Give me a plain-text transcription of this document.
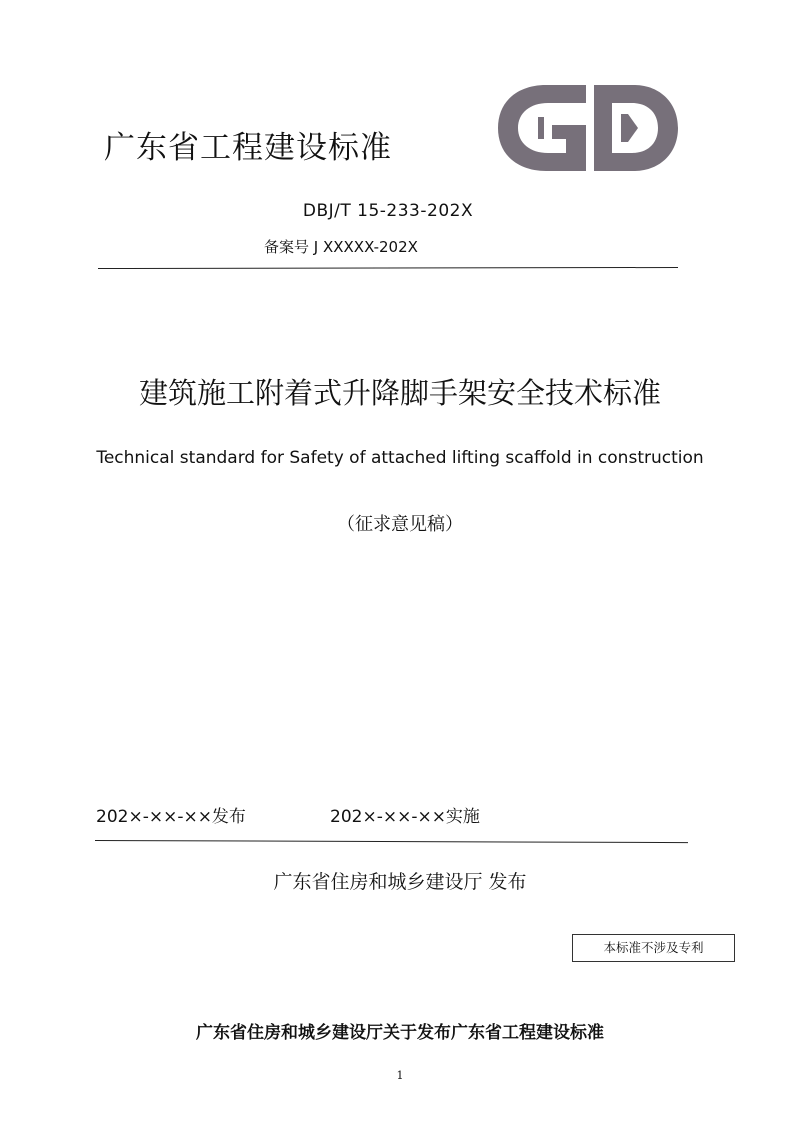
广东省工程建设标准
DBJ/T 15-233-202X
备案号 J XXXXX-202X
建筑施工附着式升降脚手架安全技术标准
Technical standard for Safety of attached lifting scaffold in construction
（征求意见稿）
202×-××-××发布	202×-××-××实施
广东省住房和城乡建设厅 发布
本标准不涉及专利
广东省住房和城乡建设厅关于发布广东省工程建设标准
1
